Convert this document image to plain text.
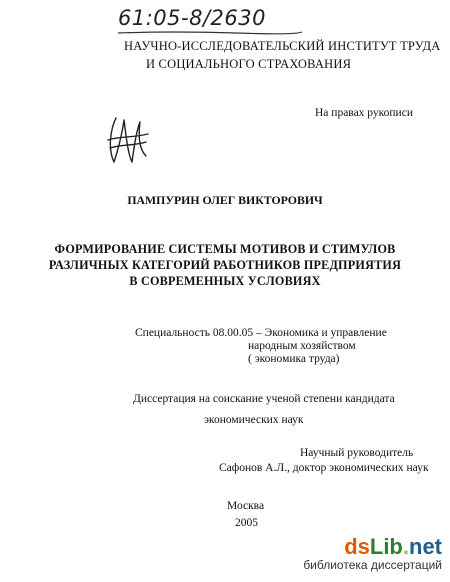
61:05-8/2630
НАУЧНО-ИССЛЕДОВАТЕЛЬСКИЙ ИНСТИТУТ ТРУДА
И СОЦИАЛЬНОГО СТРАХОВАНИЯ
На правах рукописи
ПАМПУРИН ОЛЕГ ВИКТОРОВИЧ
ФОРМИРОВАНИЕ СИСТЕМЫ МОТИВОВ И СТИМУЛОВ
РАЗЛИЧНЫХ КАТЕГОРИЙ РАБОТНИКОВ ПРЕДПРИЯТИЯ
В СОВРЕМЕННЫХ УСЛОВИЯХ
Специальность 08.00.05 – Экономика и управление
народным хозяйством
( экономика труда)
Диссертация на соискание ученой степени кандидата
экономических наук
Научный руководитель
Сафонов А.Л., доктор экономических наук
Москва
2005
dsLib.net
библиотека диссертаций
